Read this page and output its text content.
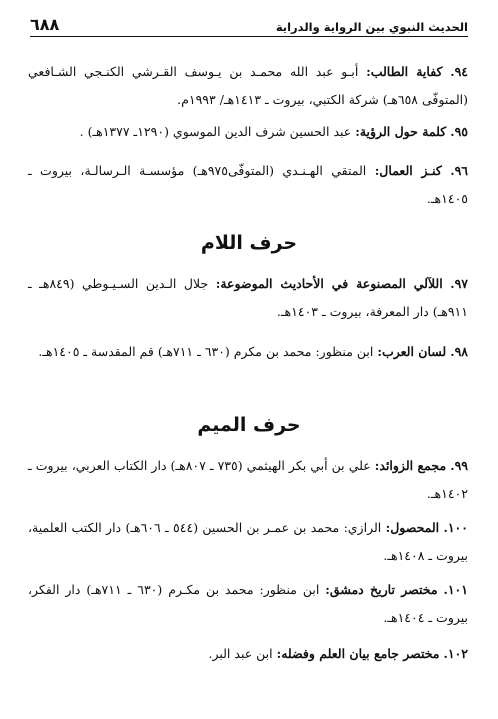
الحديث النبوي بين الرواية والدراية
٦٨٨
٩٤. كفاية الطالب: أبـو عبد الله محمـد بن يـوسف القـرشي الكنـجي الشـافعي (المتوفّى ٦٥٨هـ) شركة الكتبي، بيروت ـ ١٤١٣هـ/ ١٩٩٣م.
٩٥. كلمة حول الرؤية: عبد الحسين شرف الدين الموسوي (١٢٩٠ـ ١٣٧٧هـ) .
٩٦. كنـز العمال: المتقي الهـنـدي (المتوفّى٩٧٥هـ) مؤسسـة الـرسالـة، بيروت ـ ١٤٠٥هـ.
حرف اللام
٩٧. اللآلي المصنوعة في الأحاديث الموضوعة: جلال الـدين السـيـوطي (٨٤٩هـ ـ ٩١١هـ) دار المعرفة، بيروت ـ ١٤٠٣هـ.
٩٨. لسان العرب: ابن منظور: محمد بن مكرم (٦٣٠ ـ ٧١١هـ) قم المقدسة ـ ١٤٠٥هـ.
حرف الميم
٩٩. مجمع الزوائد: علي بن أبي بكر الهيثمي (٧٣٥ ـ ٨٠٧هـ) دار الكتاب العربي، بيروت ـ ١٤٠٢هـ.
١٠٠. المحصول: الرازي: محمد بن عمـر بن الحسين (٥٤٤ ـ ٦٠٦هـ) دار الكتب العلمية، بيروت ـ ١٤٠٨هـ.
١٠١. مختصر تاريخ دمشق: ابن منظور: محمد بن مكـرم (٦٣٠ ـ ٧١١هـ) دار الفكر، بيروت ـ ١٤٠٤هـ.
١٠٢. مختصر جامع بيان العلم وفضله: ابن عبد البر.
